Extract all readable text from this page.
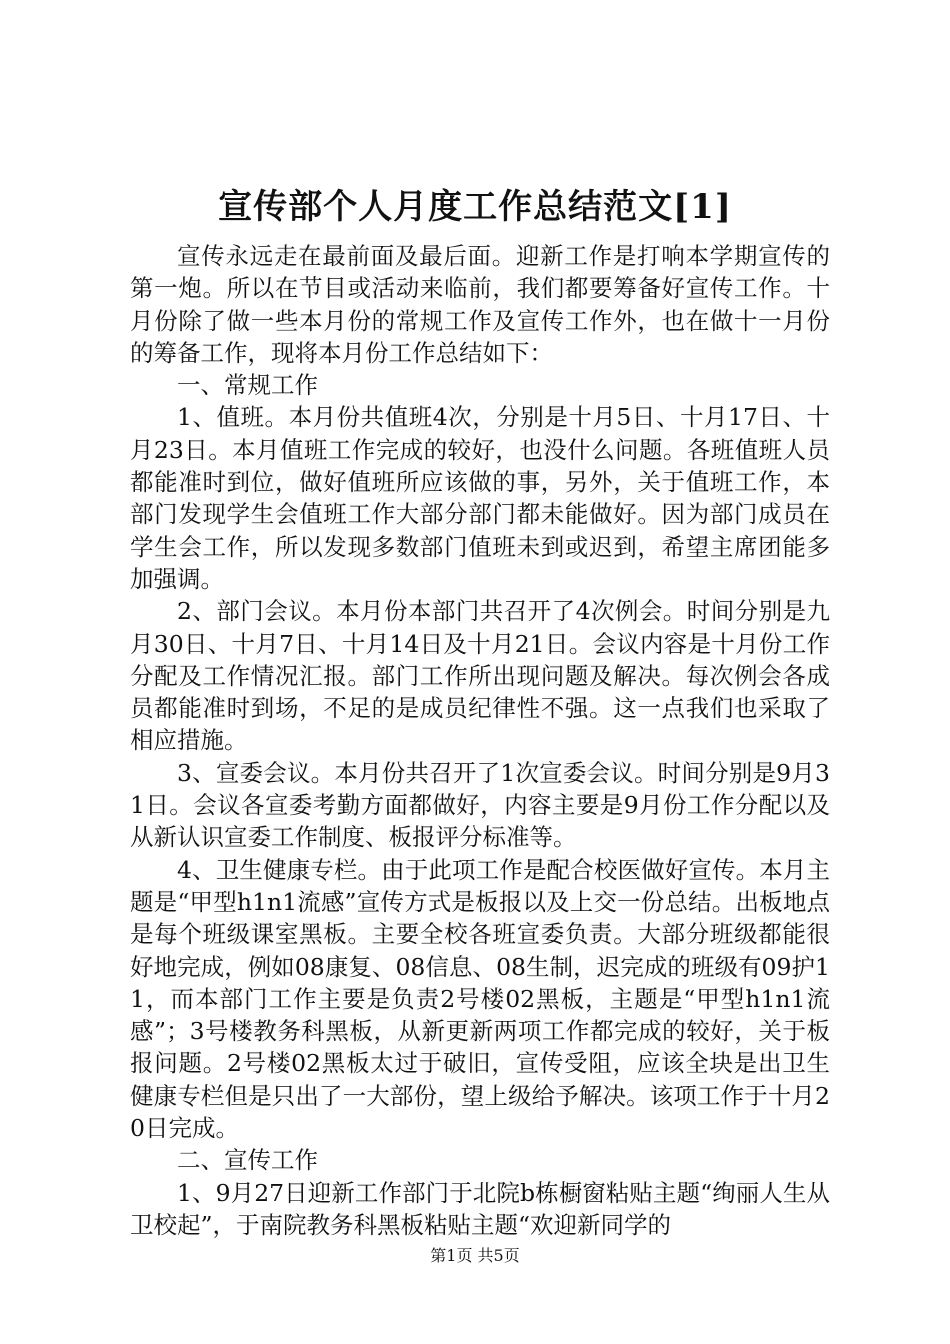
宣传部个人月度工作总结范文[1]

宣传永远走在最前面及最后面。迎新工作是打响本学期宣传的第一炮。所以在节目或活动来临前，我们都要筹备好宣传工作。十月份除了做一些本月份的常规工作及宣传工作外，也在做十一月份的筹备工作，现将本月份工作总结如下：

一、常规工作

1、值班。本月份共值班4次，分别是十月5日、十月17日、十月23日。本月值班工作完成的较好，也没什么问题。各班值班人员都能准时到位，做好值班所应该做的事，另外，关于值班工作，本部门发现学生会值班工作大部分部门都未能做好。因为部门成员在学生会工作，所以发现多数部门值班未到或迟到，希望主席团能多加强调。

2、部门会议。本月份本部门共召开了4次例会。时间分别是九月30日、十月7日、十月14日及十月21日。会议内容是十月份工作分配及工作情况汇报。部门工作所出现问题及解决。每次例会各成员都能准时到场，不足的是成员纪律性不强。这一点我们也采取了相应措施。

3、宣委会议。本月份共召开了1次宣委会议。时间分别是9月31日。会议各宣委考勤方面都做好，内容主要是9月份工作分配以及从新认识宣委工作制度、板报评分标准等。

4、卫生健康专栏。由于此项工作是配合校医做好宣传。本月主题是“甲型h1n1流感”宣传方式是板报以及上交一份总结。出板地点是每个班级课室黑板。主要全校各班宣委负责。大部分班级都能很好地完成，例如08康复、08信息、08生制，迟完成的班级有09护11，而本部门工作主要是负责2号楼02黑板，主题是“甲型h1n1流感”；3号楼教务科黑板，从新更新两项工作都完成的较好，关于板报问题。2号楼02黑板太过于破旧，宣传受阻，应该全块是出卫生健康专栏但是只出了一大部份，望上级给予解决。该项工作于十月20日完成。

二、宣传工作

1、9月27日迎新工作部门于北院b栋橱窗粘贴主题“绚丽人生从卫校起”，于南院教务科黑板粘贴主题“欢迎新同学的

第1页 共5页
